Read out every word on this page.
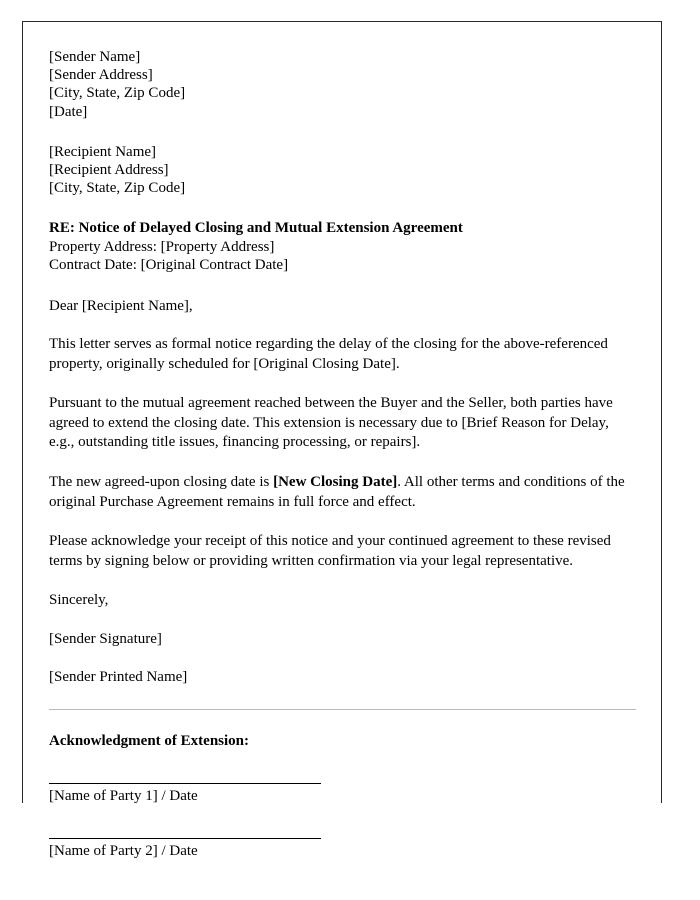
[Sender Name]
[Sender Address]
[City, State, Zip Code]
[Date]
[Recipient Name]
[Recipient Address]
[City, State, Zip Code]
RE: Notice of Delayed Closing and Mutual Extension Agreement
Property Address: [Property Address]
Contract Date: [Original Contract Date]
Dear [Recipient Name],

This letter serves as formal notice regarding the delay of the closing for the above-referenced property, originally scheduled for [Original Closing Date].

Pursuant to the mutual agreement reached between the Buyer and the Seller, both parties have agreed to extend the closing date. This extension is necessary due to [Brief Reason for Delay, e.g., outstanding title issues, financing processing, or repairs].

The new agreed-upon closing date is [New Closing Date]. All other terms and conditions of the original Purchase Agreement remains in full force and effect.

Please acknowledge your receipt of this notice and your continued agreement to these revised terms by signing below or providing written confirmation via your legal representative.

Sincerely,
[Sender Signature]
[Sender Printed Name]
Acknowledgment of Extension:
[Name of Party 1] / Date
[Name of Party 2] / Date
